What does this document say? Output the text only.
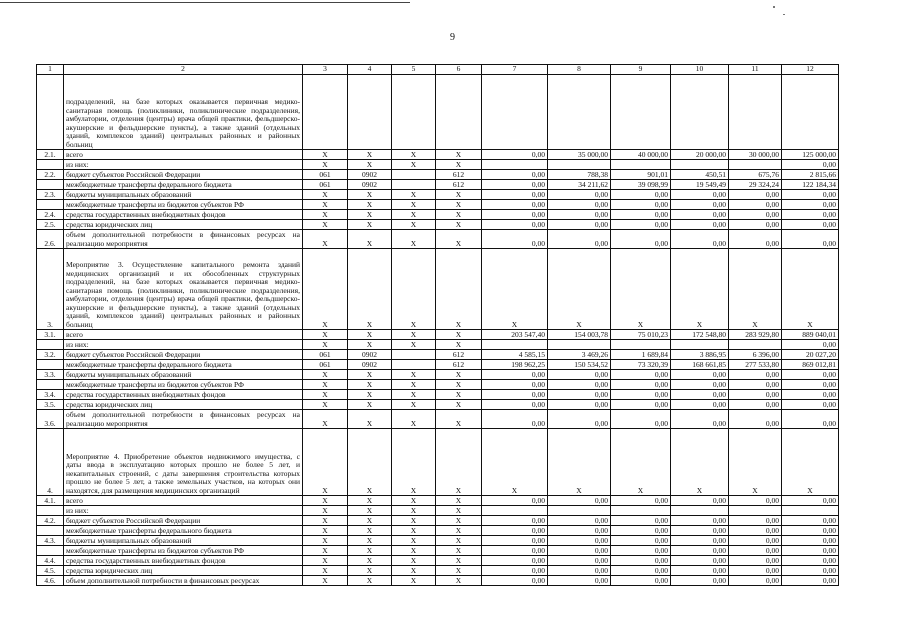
9
1	2	3	4	5	6	7	8	9	10	11	12
	подразделений, на базе которых оказывается первичная медико-санитарная помощь (поликлиники, поликлинические подразделения, амбулатории, отделения (центры) врача общей практики, фельдшерско-акушерские и фельдшерские пункты), а также зданий (отдельных зданий, комплексов зданий) центральных районных и районных больниц										
2.1.	всего	X	X	X	X	0,00	35 000,00	40 000,00	20 000,00	30 000,00	125 000,00
	из них:	X	X	X	X						0,00
2.2.	бюджет субъектов Российской Федерации	061	0902		612	0,00	788,38	901,01	450,51	675,76	2 815,66
	межбюджетные трансферты федерального бюджета	061	0902		612	0,00	34 211,62	39 098,99	19 549,49	29 324,24	122 184,34
2.3.	бюджеты муниципальных образований	X	X	X	X	0,00	0,00	0,00	0,00	0,00	0,00
	межбюджетные трансферты из бюджетов субъектов РФ	X	X	X	X	0,00	0,00	0,00	0,00	0,00	0,00
2.4.	средства государственных внебюджетных фондов	X	X	X	X	0,00	0,00	0,00	0,00	0,00	0,00
2.5.	средства юридических лиц	X	X	X	X	0,00	0,00	0,00	0,00	0,00	0,00
2.6.	объем дополнительной потребности в финансовых ресурсах на реализацию мероприятия	X	X	X	X	0,00	0,00	0,00	0,00	0,00	0,00
3.	Мероприятие 3. Осуществление капитального ремонта зданий медицинских организаций и их обособленных структурных подразделений, на базе которых оказывается первичная медико-санитарная помощь (поликлиники, поликлинические подразделения, амбулатории, отделения (центры) врача общей практики, фельдшерско-акушерские и фельдшерские пункты), а также зданий (отдельных зданий, комплексов зданий) центральных районных и районных больниц	X	X	X	X	X	X	X	X	X	X
3.1.	всего	X	X	X	X	203 547,40	154 003,78	75 010,23	172 548,80	283 929,80	889 040,01
	из них:	X	X	X	X						0,00
3.2.	бюджет субъектов Российской Федерации	061	0902		612	4 585,15	3 469,26	1 689,84	3 886,95	6 396,00	20 027,20
	межбюджетные трансферты федерального бюджета	061	0902		612	198 962,25	150 534,52	73 320,39	168 661,85	277 533,80	869 012,81
3.3.	бюджеты муниципальных образований	X	X	X	X	0,00	0,00	0,00	0,00	0,00	0,00
	межбюджетные трансферты из бюджетов субъектов РФ	X	X	X	X	0,00	0,00	0,00	0,00	0,00	0,00
3.4.	средства государственных внебюджетных фондов	X	X	X	X	0,00	0,00	0,00	0,00	0,00	0,00
3.5.	средства юридических лиц	X	X	X	X	0,00	0,00	0,00	0,00	0,00	0,00
3.6.	объем дополнительной потребности в финансовых ресурсах на реализацию мероприятия	X	X	X	X	0,00	0,00	0,00	0,00	0,00	0,00
4.	Мероприятие 4. Приобретение объектов недвижимого имущества, с даты ввода в эксплуатацию которых прошло не более 5 лет, и некапитальных строений, с даты завершения строительства которых прошло не более 5 лет, а также земельных участков, на которых они находятся, для размещения медицинских организаций	X	X	X	X	X	X	X	X	X	X
4.1.	всего	X	X	X	X	0,00	0,00	0,00	0,00	0,00	0,00
	из них:	X	X	X	X						
4.2.	бюджет субъектов Российской Федерации	X	X	X	X	0,00	0,00	0,00	0,00	0,00	0,00
	межбюджетные трансферты федерального бюджета	X	X	X	X	0,00	0,00	0,00	0,00	0,00	0,00
4.3.	бюджеты муниципальных образований	X	X	X	X	0,00	0,00	0,00	0,00	0,00	0,00
	межбюджетные трансферты из бюджетов субъектов РФ	X	X	X	X	0,00	0,00	0,00	0,00	0,00	0,00
4.4.	средства государственных внебюджетных фондов	X	X	X	X	0,00	0,00	0,00	0,00	0,00	0,00
4.5.	средства юридических лиц	X	X	X	X	0,00	0,00	0,00	0,00	0,00	0,00
4.6.	объем дополнительной потребности в финансовых ресурсах	X	X	X	X	0,00	0,00	0,00	0,00	0,00	0,00
